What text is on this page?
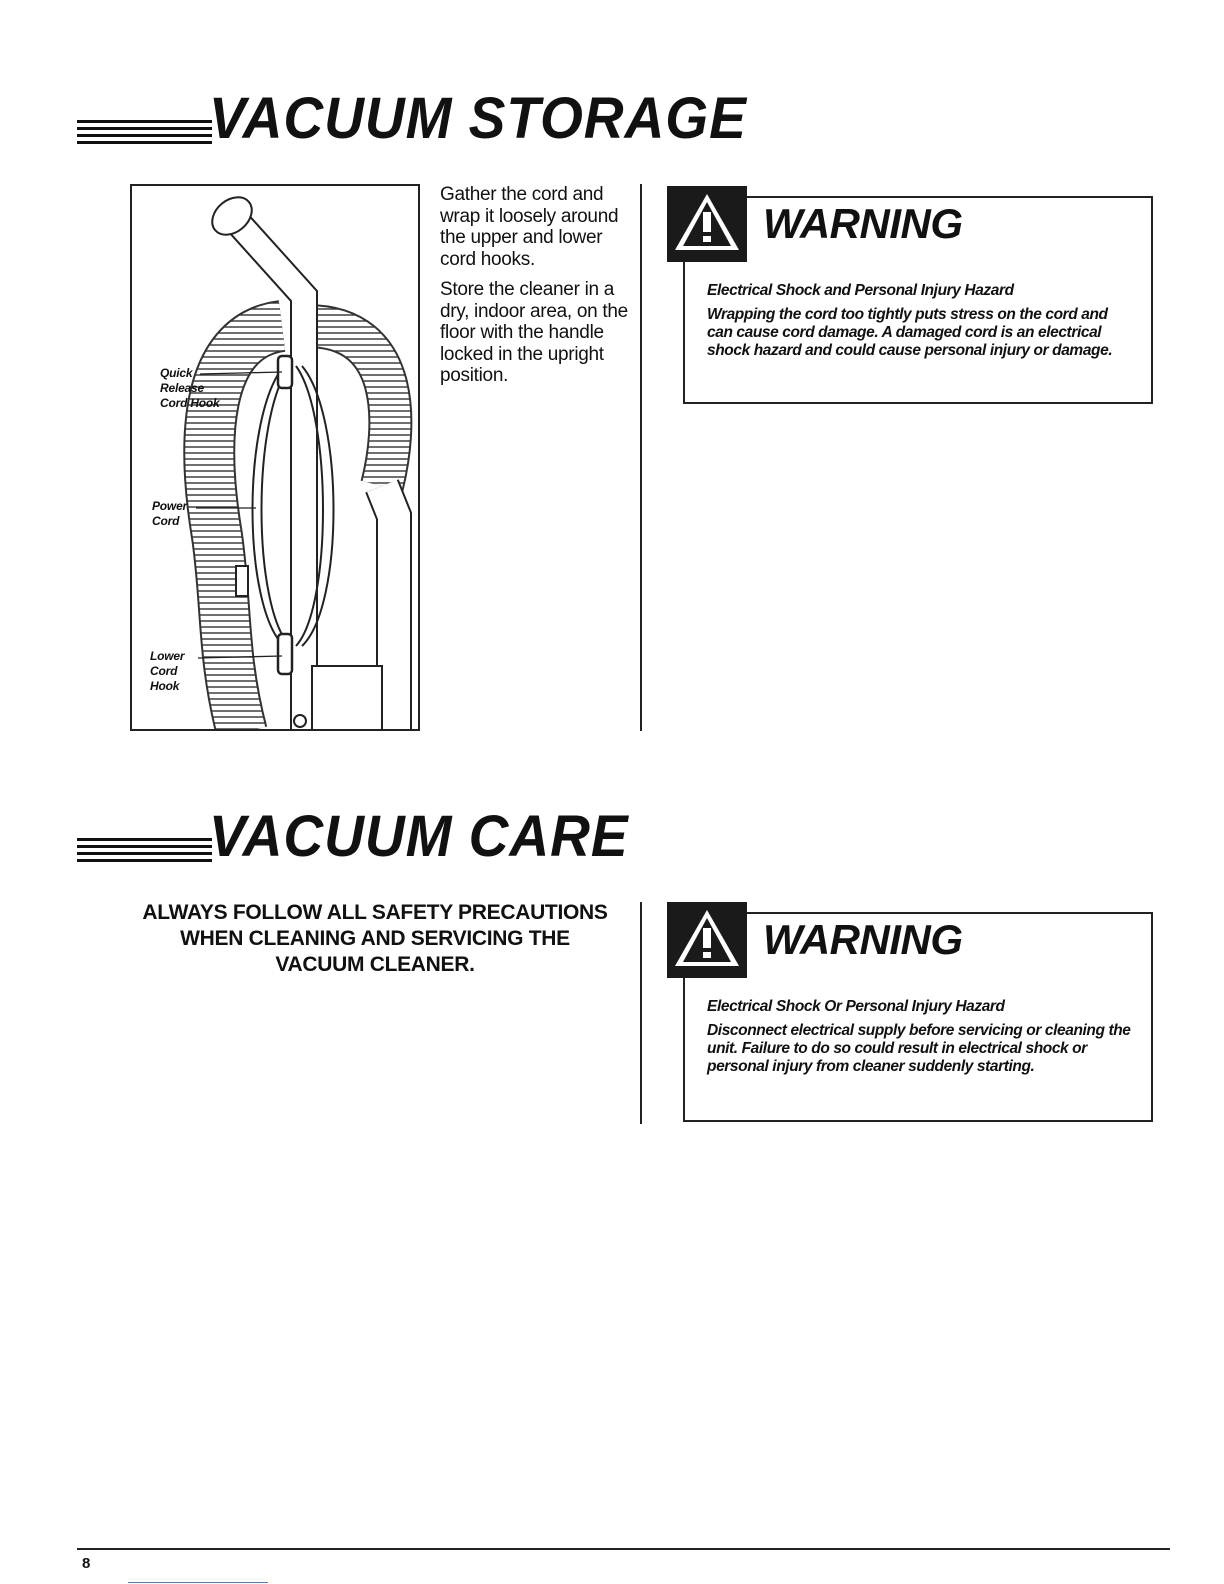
VACUUM STORAGE
Quick
Release
Cord Hook
Power
Cord
Lower
Cord
Hook

Gather the cord and wrap it loosely around the upper and lower cord hooks.

Store the cleaner in a dry, indoor area, on the floor with the handle locked in the upright position.

WARNING

Electrical Shock and Personal Injury Hazard

Wrapping the cord too tightly puts stress on the cord and can cause cord damage. A damaged cord is an electrical shock hazard and could cause personal injury or damage.

VACUUM CARE
ALWAYS FOLLOW ALL SAFETY PRECAUTIONS WHEN CLEANING AND SERVICING THE VACUUM CLEANER.
WARNING

Electrical Shock Or Personal Injury Hazard

Disconnect electrical supply before servicing or cleaning the unit. Failure to do so could result in electrical shock or personal injury from cleaner suddenly starting.

8
